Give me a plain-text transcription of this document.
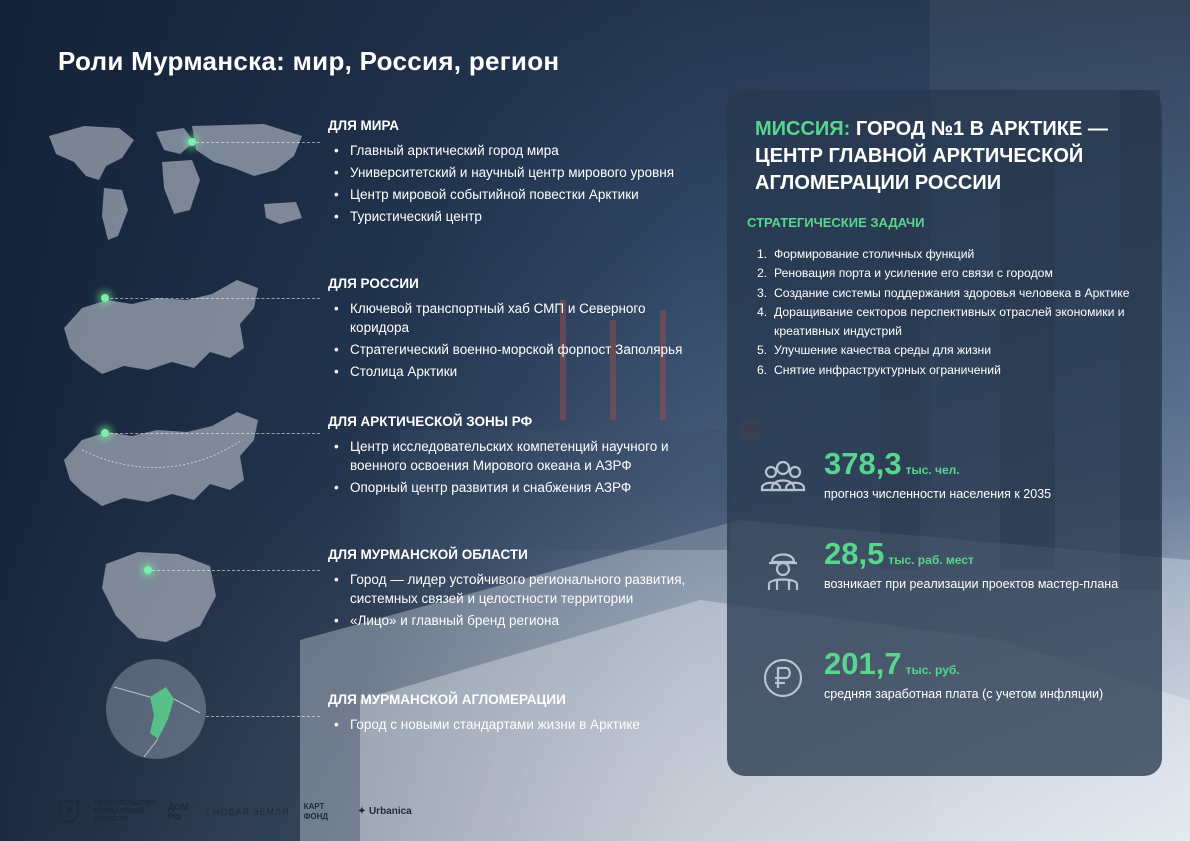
Роли Мурманска: мир, Россия, регион
ДЛЯ МИРА
• Главный арктический город мира
• Университетский и научный центр мирового уровня
• Центр мировой событийной повестки Арктики
• Туристический центр
ДЛЯ РОССИИ
• Ключевой транспортный хаб СМП и Северного коридора
• Стратегический военно-морской форпост Заполярья
• Столица Арктики
ДЛЯ АРКТИЧЕСКОЙ ЗОНЫ РФ
• Центр исследовательских компетенций научного и военного освоения Мирового океана и АЗРФ
• Опорный центр развития и снабжения АЗРФ
ДЛЯ МУРМАНСКОЙ ОБЛАСТИ
• Город — лидер устойчивого регионального развития, системных связей и целостности территории
• «Лицо» и главный бренд региона
ДЛЯ МУРМАНСКОЙ АГЛОМЕРАЦИИ
• Город с новыми стандартами жизни в Арктике
МИССИЯ: ГОРОД №1 В АРКТИКЕ — ЦЕНТР ГЛАВНОЙ АРКТИЧЕСКОЙ АГЛОМЕРАЦИИ РОССИИ
СТРАТЕГИЧЕСКИЕ ЗАДАЧИ
1. Формирование столичных функций
2. Реновация порта и усиление его связи с городом
3. Создание системы поддержания здоровья человека в Арктике
4. Доращивание секторов перспективных отраслей экономики и креативных индустрий
5. Улучшение качества среды для жизни
6. Снятие инфраструктурных ограничений
378,3 тыс. чел.
прогноз численности населения к 2035
28,5 тыс. раб. мест
возникает при реализации проектов мастер-плана
201,7 тыс. руб.
средняя заработная плата (с учетом инфляции)
ПРАВИТЕЛЬСТВО МУРМАНСКОЙ ОБЛАСТИ
ДОМ РФ	/ НОВАЯ ЗЕМЛЯ
КАРТ ФОНД	✦ Urbanica
